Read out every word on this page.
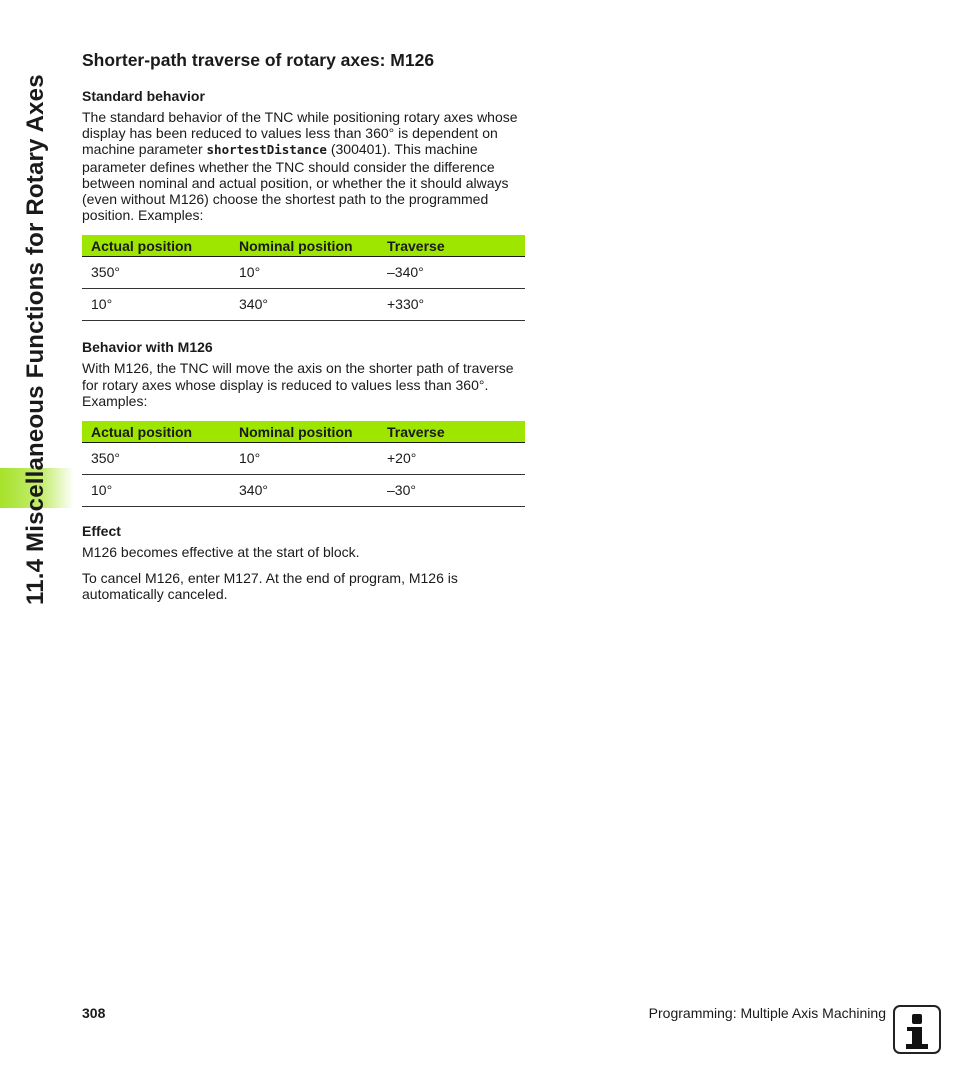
11.4 Miscellaneous Functions for Rotary Axes
Shorter-path traverse of rotary axes: M126
Standard behavior

The standard behavior of the TNC while positioning rotary axes whose display has been reduced to values less than 360° is dependent on machine parameter shortestDistance (300401). This machine parameter defines whether the TNC should consider the difference between nominal and actual position, or whether the it should always (even without M126) choose the shortest path to the programmed position. Examples:

Actual position	Nominal position	Traverse
350°	10°	–340°
10°	340°	+330°
Behavior with M126

With M126, the TNC will move the axis on the shorter path of traverse for rotary axes whose display is reduced to values less than 360°. Examples:

Actual position	Nominal position	Traverse
350°	10°	+20°
10°	340°	–30°
Effect

M126 becomes effective at the start of block.

To cancel M126, enter M127. At the end of program, M126 is automatically canceled.

308	Programming: Multiple Axis Machining
